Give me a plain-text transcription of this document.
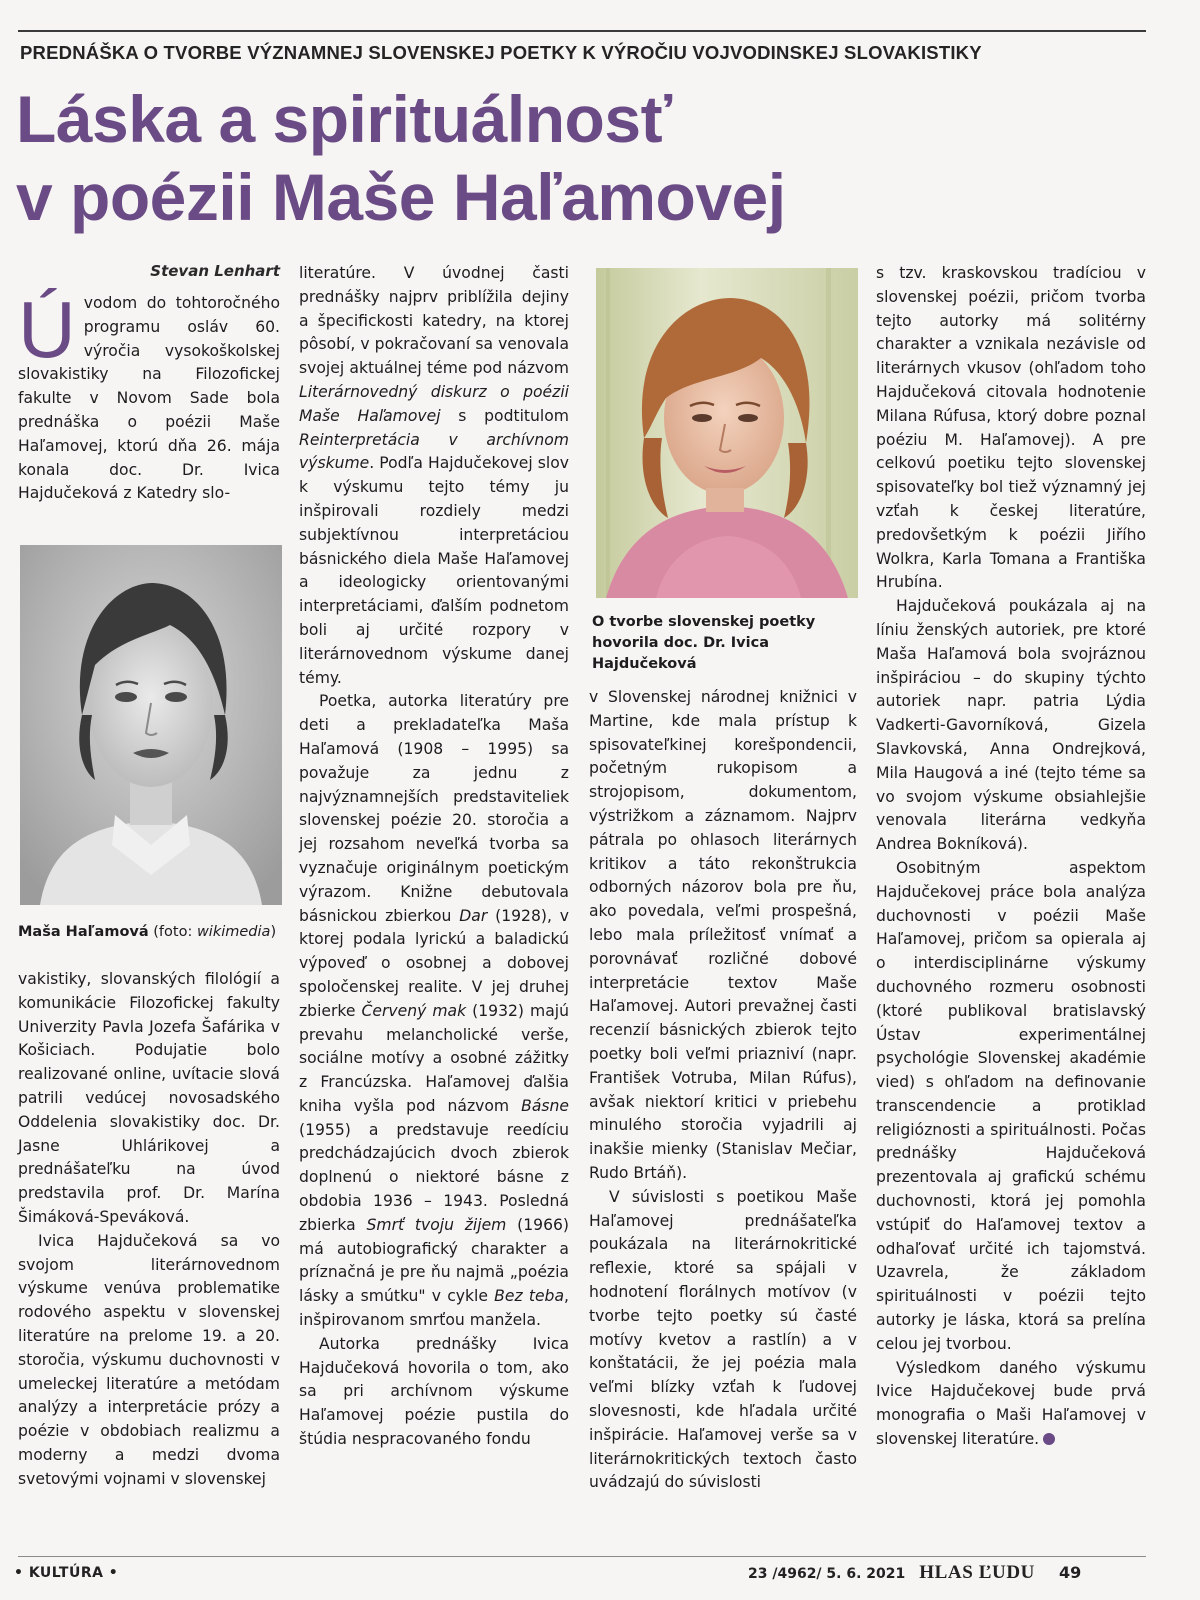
PREDNÁŠKA O TVORBE VÝZNAMNEJ SLOVENSKEJ POETKY K VÝROČIU VOJVODINSKEJ SLOVAKISTIKY
Láska a spirituálnosť
v poézii Maše Haľamovej
Stevan Lenhart

Úvodom do tohtoročného programu osláv 60. výročia vysokoškolskej slovakistiky na Filozofickej fakulte v Novom Sade bola prednáška o poézii Maše Haľamovej, ktorú dňa 26. mája konala doc. Dr. Ivica Hajdučeková z Katedry slo-

Maša Haľamová (foto: wikimedia)

vakistiky, slovanských filológií a komunikácie Filozofickej fakulty Univerzity Pavla Jozefa Šafárika v Košiciach. Podujatie bolo realizované online, uvítacie slová patrili vedúcej novosadského Oddelenia slovakistiky doc. Dr. Jasne Uhlárikovej a prednášateľku na úvod predstavila prof. Dr. Marína Šimáková-Speváková.

Ivica Hajdučeková sa vo svojom literárnovednom výskume venúva problematike rodového aspektu v slovenskej literatúre na prelome 19. a 20. storočia, výskumu duchovnosti v umeleckej literatúre a metódam analýzy a interpretácie prózy a poézie v obdobiach realizmu a moderny a medzi dvoma svetovými vojnami v slovenskej

literatúre. V úvodnej časti prednášky najprv priblížila dejiny a špecifickosti katedry, na ktorej pôsobí, v pokračovaní sa venovala svojej aktuálnej téme pod názvom Literárnovedný diskurz o poézii Maše Haľamovej s podtitulom Reinterpretácia v archívnom výskume. Podľa Hajdučekovej slov k výskumu tejto témy ju inšpirovali rozdiely medzi subjektívnou interpretáciou básnického diela Maše Haľamovej a ideologicky orientovanými interpretáciami, ďalším podnetom boli aj určité rozpory v literárnovednom výskume danej témy.

Poetka, autorka literatúry pre deti a prekladateľka Maša Haľamová (1908 – 1995) sa považuje za jednu z najvýznamnejších predstaviteliek slovenskej poézie 20. storočia a jej rozsahom neveľká tvorba sa vyznačuje originálnym poetickým výrazom. Knižne debutovala básnickou zbierkou Dar (1928), v ktorej podala lyrickú a baladickú výpoveď o osobnej a dobovej spoločenskej realite. V jej druhej zbierke Červený mak (1932) majú prevahu melancholické verše, sociálne motívy a osobné zážitky z Francúzska. Haľamovej ďalšia kniha vyšla pod názvom Básne (1955) a predstavuje reedíciu predchádzajúcich dvoch zbierok doplnenú o niektoré básne z obdobia 1936 – 1943. Posledná zbierka Smrť tvoju žijem (1966) má autobiografický charakter a príznačná je pre ňu najmä „poézia lásky a smútku" v cykle Bez teba, inšpirovanom smrťou manžela.

Autorka prednášky Ivica Hajdučeková hovorila o tom, ako sa pri archívnom výskume Haľamovej poézie pustila do štúdia nespracovaného fondu

O tvorbe slovenskej poetky hovorila doc. Dr. Ivica Hajdučeková

v Slovenskej národnej knižnici v Martine, kde mala prístup k spisovateľkinej korešpondencii, početným rukopisom a strojopisom, dokumentom, výstrižkom a záznamom. Najprv pátrala po ohlasoch literárnych kritikov a táto rekonštrukcia odborných názorov bola pre ňu, ako povedala, veľmi prospešná, lebo mala príležitosť vnímať a porovnávať rozličné dobové interpretácie textov Maše Haľamovej. Autori prevažnej časti recenzií básnických zbierok tejto poetky boli veľmi priazniví (napr. František Votruba, Milan Rúfus), avšak niektorí kritici v priebehu minulého storočia vyjadrili aj inakšie mienky (Stanislav Mečiar, Rudo Brtáň).

V súvislosti s poetikou Maše Haľamovej prednášateľka poukázala na literárnokritické reflexie, ktoré sa spájali v hodnotení florálnych motívov (v tvorbe tejto poetky sú časté motívy kvetov a rastlín) a v konštatácii, že jej poézia mala veľmi blízky vzťah k ľudovej slovesnosti, kde hľadala určité inšpirácie. Haľamovej verše sa v literárnokritických textoch často uvádzajú do súvislosti

s tzv. kraskovskou tradíciou v slovenskej poézii, pričom tvorba tejto autorky má solitérny charakter a vznikala nezávisle od literárnych vkusov (ohľadom toho Hajdučeková citovala hodnotenie Milana Rúfusa, ktorý dobre poznal poéziu M. Haľamovej). A pre celkovú poetiku tejto slovenskej spisovateľky bol tiež významný jej vzťah k českej literatúre, predovšetkým k poézii Jiřího Wolkra, Karla Tomana a Františka Hrubína.

Hajdučeková poukázala aj na líniu ženských autoriek, pre ktoré Maša Haľamová bola svojráznou inšpiráciou – do skupiny týchto autoriek napr. patria Lýdia Vadkerti-Gavorníková, Gizela Slavkovská, Anna Ondrejková, Mila Haugová a iné (tejto téme sa vo svojom výskume obsiahlejšie venovala literárna vedkyňa Andrea Bokníková).

Osobitným aspektom Hajdučekovej práce bola analýza duchovnosti v poézii Maše Haľamovej, pričom sa opierala aj o interdisciplinárne výskumy duchovného rozmeru osobnosti (ktoré publikoval bratislavský Ústav experimentálnej psychológie Slovenskej akadémie vied) s ohľadom na definovanie transcendencie a protiklad religióznosti a spirituálnosti. Počas prednášky Hajdučeková prezentovala aj grafickú schému duchovnosti, ktorá jej pomohla vstúpiť do Haľamovej textov a odhaľovať určité ich tajomstvá. Uzavrela, že základom spirituálnosti v poézii tejto autorky je láska, ktorá sa prelína celou jej tvorbou.

Výsledkom daného výskumu Ivice Hajdučekovej bude prvá monografia o Maši Haľamovej v slovenskej literatúre.

• KULTÚRA •	23 /4962/ 5. 6. 2021 HLAS ĽUDU 49
